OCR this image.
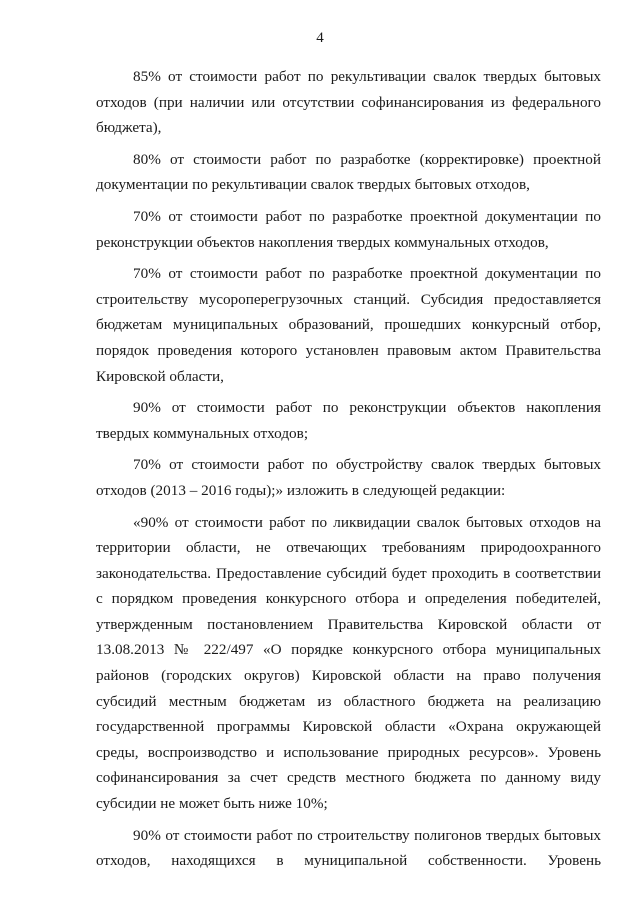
4

85% от стоимости работ по рекультивации свалок твердых бытовых отходов (при наличии или отсутствии софинансирования из федерального бюджета),

80% от стоимости работ по разработке (корректировке) проектной документации по рекультивации свалок твердых бытовых отходов,

70% от стоимости работ по разработке проектной документации по реконструкции объектов накопления твердых коммунальных отходов,

70% от стоимости работ по разработке проектной документации по строительству мусороперегрузочных станций. Субсидия предоставляется бюджетам муниципальных образований, прошедших конкурсный отбор, порядок проведения которого установлен правовым актом Правительства Кировской области,

90% от стоимости работ по реконструкции объектов накопления твердых коммунальных отходов;

70% от стоимости работ по обустройству свалок твердых бытовых отходов (2013 – 2016 годы);» изложить в следующей редакции:

«90% от стоимости работ по ликвидации свалок бытовых отходов на территории области, не отвечающих требованиям природоохранного законодательства. Предоставление субсидий будет проходить в соответствии с порядком проведения конкурсного отбора и определения победителей, утвержденным постановлением Правительства Кировской области от 13.08.2013 № 222/497 «О порядке конкурсного отбора муниципальных районов (городских округов) Кировской области на право получения субсидий местным бюджетам из областного бюджета на реализацию государственной программы Кировской области «Охрана окружающей среды, воспроизводство и использование природных ресурсов». Уровень софинансирования за счет средств местного бюджета по данному виду субсидии не может быть ниже 10%;

90% от стоимости работ по строительству полигонов твердых бытовых отходов, находящихся в муниципальной собственности. Уровень
